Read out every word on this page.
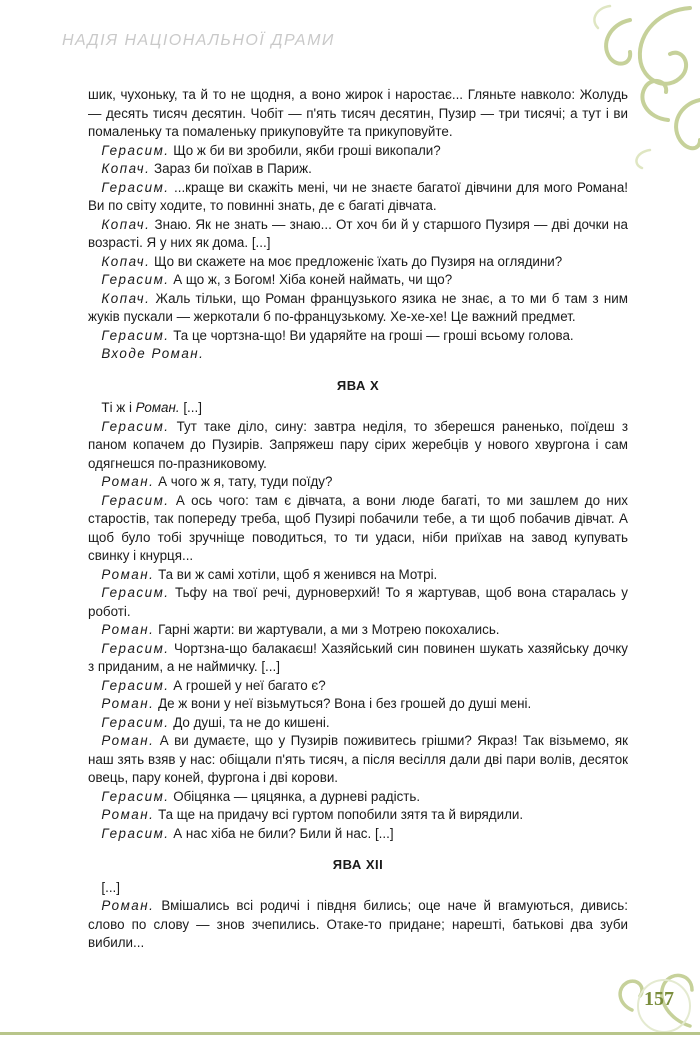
НАДІЯ НАЦІОНАЛЬНОЇ ДРАМИ
157

шик, чухоньку, та й то не щодня, а воно жирок і наростає... Гляньте навколо: Жолудь — десять тисяч десятин. Чобіт — п'ять тисяч десятин, Пузир — три тисячі; а тут і ви помаленьку та помаленьку прикуповуйте та прикуповуйте.

 Герасим. Що ж би ви зробили, якби гроші викопали?

 Копач. Зараз би поїхав в Париж.

 Герасим. ...краще ви скажіть мені, чи не знаєте багатої дівчини для мого Романа! Ви по світу ходите, то повинні знать, де є багаті дівчата.

 Копач. Знаю. Як не знать — знаю... От хоч би й у старшого Пузиря — дві дочки на возрасті. Я у них як дома. [...]

 Копач. Що ви скажете на моє предложеніє їхать до Пузиря на оглядини?

 Герасим. А що ж, з Богом! Хіба коней наймать, чи що?

 Копач. Жаль тільки, що Роман французького язика не знає, а то ми б там з ним жуків пускали — жеркотали б по-французькому. Хе-хе-хе! Це важний предмет.

 Герасим. Та це чортзна-що! Ви ударяйте на гроші — гроші всьому голова.

 Входе Роман.

ЯВА X

 Ті ж і Роман. [...]

 Герасим. Тут таке діло, сину: завтра неділя, то зберешся раненько, поїдеш з паном копачем до Пузирів. Запряжеш пару сірих жеребців у нового хвургона і сам одягнешся по-празниковому.

 Роман. А чого ж я, тату, туди поїду?

 Герасим. А ось чого: там є дівчата, а вони люде багаті, то ми зашлем до них старостів, так попереду треба, щоб Пузирі побачили тебе, а ти щоб побачив дівчат. А щоб було тобі зручніще поводиться, то ти удаси, ніби приїхав на завод купувать свинку і кнурця...

 Роман. Та ви ж самі хотіли, щоб я женився на Мотрі.

 Герасим. Тьфу на твої речі, дурноверхий! То я жартував, щоб вона старалась у роботі.

 Роман. Гарні жарти: ви жартували, а ми з Мотрею покохались.

 Герасим. Чортзна-що балакаєш! Хазяйський син повинен шукать хазяйську дочку з приданим, а не наймичку. [...]

 Герасим. А грошей у неї багато є?

 Роман. Де ж вони у неї візьмуться? Вона і без грошей до душі мені.

 Герасим. До душі, та не до кишені.

 Роман. А ви думаєте, що у Пузирів поживитесь грішми? Якраз! Так візьмемо, як наш зять взяв у нас: обіщали п'ять тисяч, а після весілля дали дві пари волів, десяток овець, пару коней, фургона і дві корови.

 Герасим. Обіцянка — цяцянка, а дурневі радість.

 Роман. Та ще на придачу всі гуртом попобили зятя та й вирядили.

 Герасим. А нас хіба не били? Били й нас. [...]

ЯВА XII

 [...]

 Роман. Вмішались всі родичі і півдня бились; оце наче й вгамуються, дивись: слово по слову — знов зчепились. Отаке-то придане; нарешті, батькові два зуби вибили...
